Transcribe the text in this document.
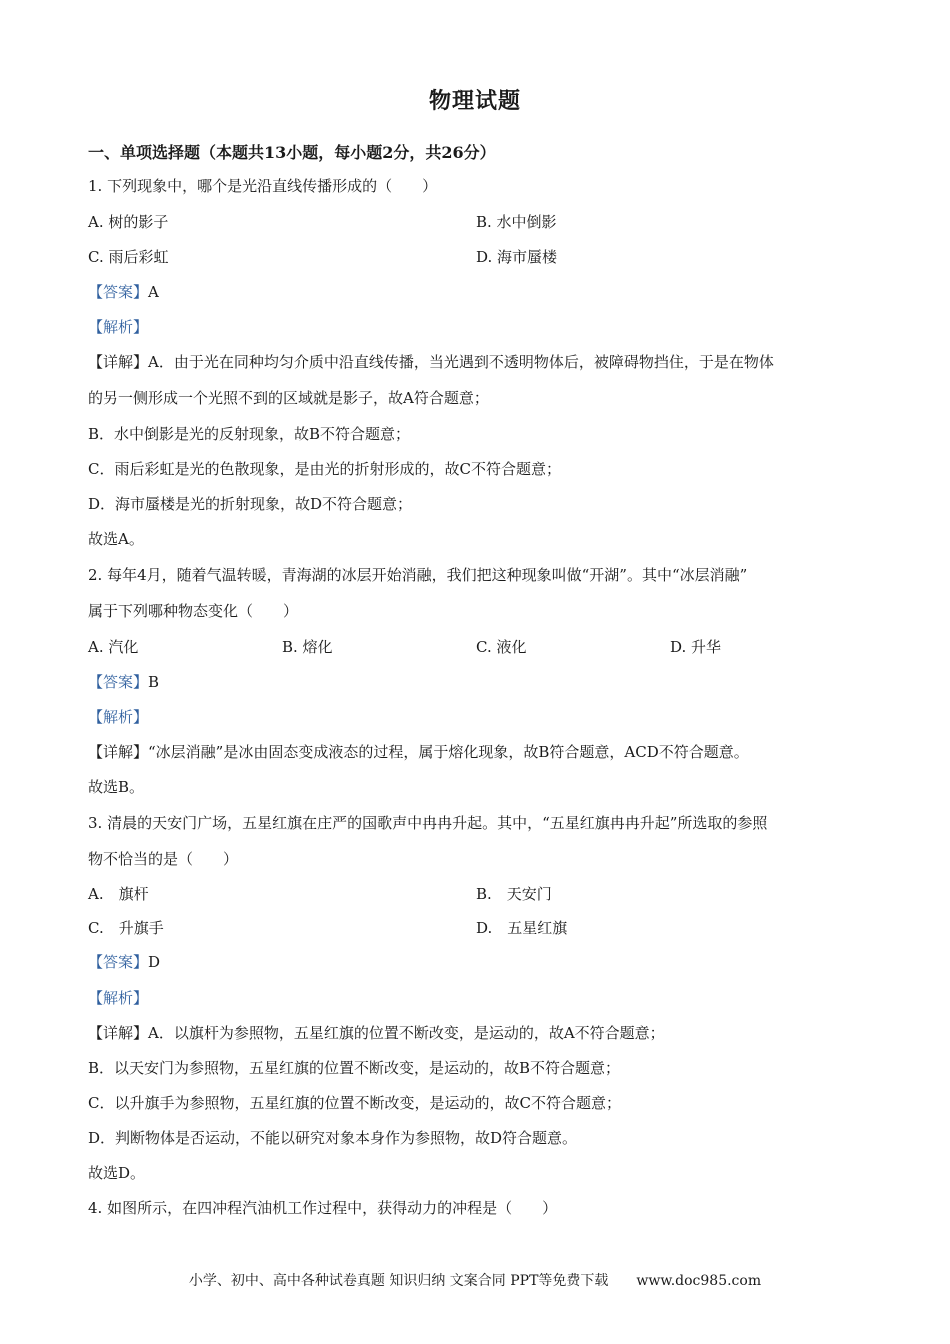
物理试题
一、单项选择题（本题共13小题，每小题2分，共26分）
1. 下列现象中，哪个是光沿直线传播形成的（　　）
A. 树的影子	B. 水中倒影
C. 雨后彩虹	D. 海市蜃楼
【答案】A
【解析】
【详解】A．由于光在同种均匀介质中沿直线传播，当光遇到不透明物体后，被障碍物挡住，于是在物体
的另一侧形成一个光照不到的区域就是影子，故A符合题意；
B．水中倒影是光的反射现象，故B不符合题意；
C．雨后彩虹是光的色散现象，是由光的折射形成的，故C不符合题意；
D．海市蜃楼是光的折射现象，故D不符合题意；
故选A。
2. 每年4月，随着气温转暖，青海湖的冰层开始消融，我们把这种现象叫做“开湖”。其中“冰层消融”
属于下列哪种物态变化（　　）
A. 汽化	B. 熔化	C. 液化	D. 升华
【答案】B
【解析】
【详解】“冰层消融”是冰由固态变成液态的过程，属于熔化现象，故B符合题意，ACD不符合题意。
故选B。
3. 清晨的天安门广场，五星红旗在庄严的国歌声中冉冉升起。其中，“五星红旗冉冉升起”所选取的参照
物不恰当的是（　　）
A.　旗杆	B.　天安门
C.　升旗手	D.　五星红旗
【答案】D
【解析】
【详解】A．以旗杆为参照物，五星红旗的位置不断改变，是运动的，故A不符合题意；
B．以天安门为参照物，五星红旗的位置不断改变，是运动的，故B不符合题意；
C．以升旗手为参照物，五星红旗的位置不断改变，是运动的，故C不符合题意；
D．判断物体是否运动，不能以研究对象本身作为参照物，故D符合题意。
故选D。
4. 如图所示，在四冲程汽油机工作过程中，获得动力的冲程是（　　）
小学、初中、高中各种试卷真题 知识归纳 文案合同 PPT等免费下载　　www.doc985.com
